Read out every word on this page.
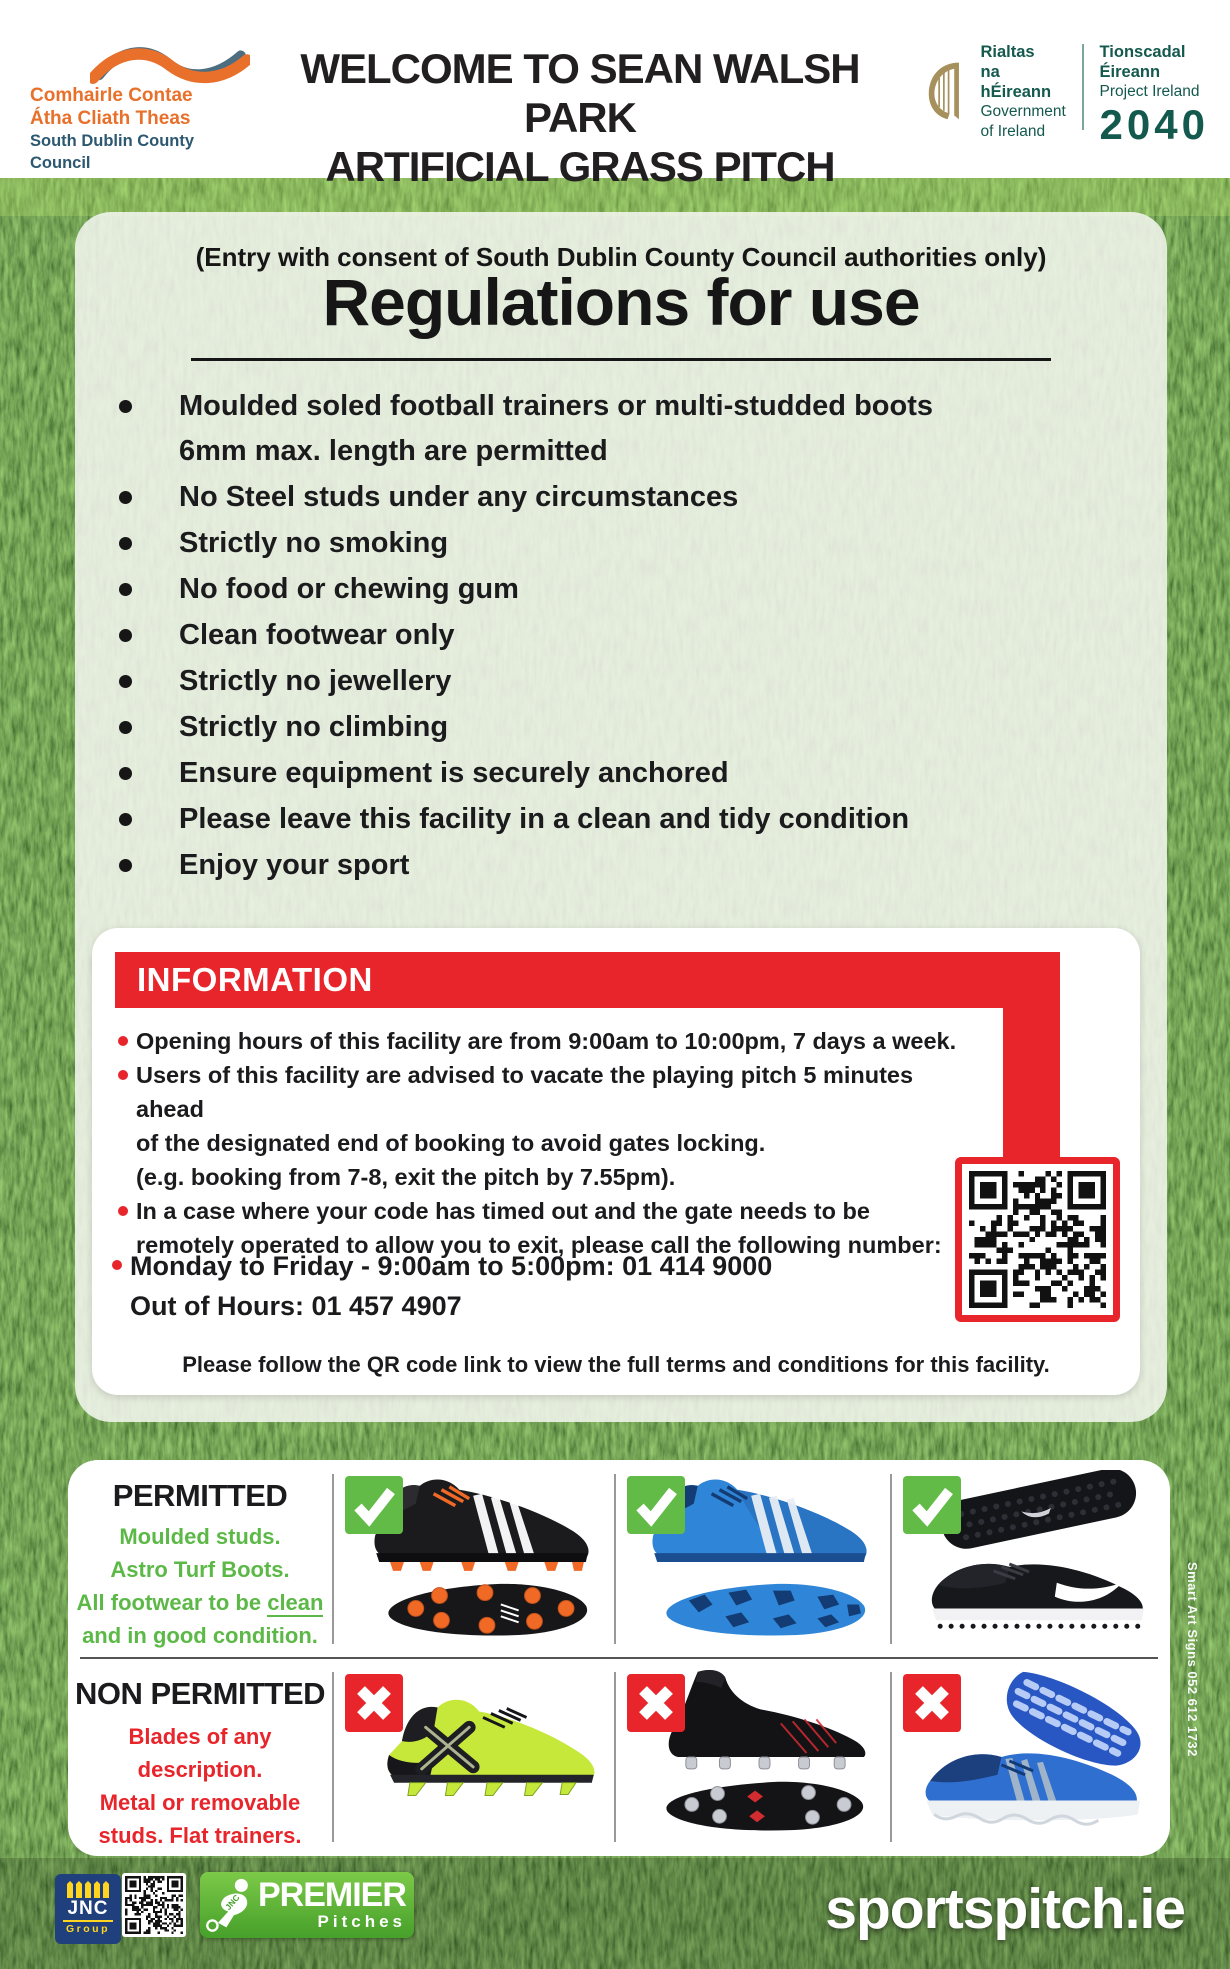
Comhairle Contae
Átha Cliath Theas
South Dublin County Council
WELCOME TO SEAN WALSH PARK
ARTIFICIAL GRASS PITCH
Rialtas
na hÉireann
Government
of Ireland
Tionscadal Éireann
Project Ireland
2040
(Entry with consent of South Dublin County Council authorities only)
Regulations for use
Moulded soled football trainers or multi-studded boots
6mm max. length are permitted
No Steel studs under any circumstances
Strictly no smoking
No food or chewing gum
Clean footwear only
Strictly no jewellery
Strictly no climbing
Ensure equipment is securely anchored
Please leave this facility in a clean and tidy condition
Enjoy your sport
INFORMATION
Opening hours of this facility are from 9:00am to 10:00pm, 7 days a week.
Users of this facility are advised to vacate the playing pitch 5 minutes ahead
of the designated end of booking to avoid gates locking.
(e.g. booking from 7-8, exit the pitch by 7.55pm).
In a case where your code has timed out and the gate needs to be
remotely operated to allow you to exit, please call the following number:
Monday to Friday - 9:00am to 5:00pm: 01 414 9000
Out of Hours: 01 457 4907
Please follow the QR code link to view the full terms and conditions for this facility.
PERMITTED
Moulded studs.
Astro Turf Boots.
All footwear to be clean
and in good condition.
NON PERMITTED
Blades of any
description.
Metal or removable
studs. Flat trainers.
Smart Art Signs 052 612 1732
JNC
Group
JNC PREMIER
Pitches	sportspitch.ie
